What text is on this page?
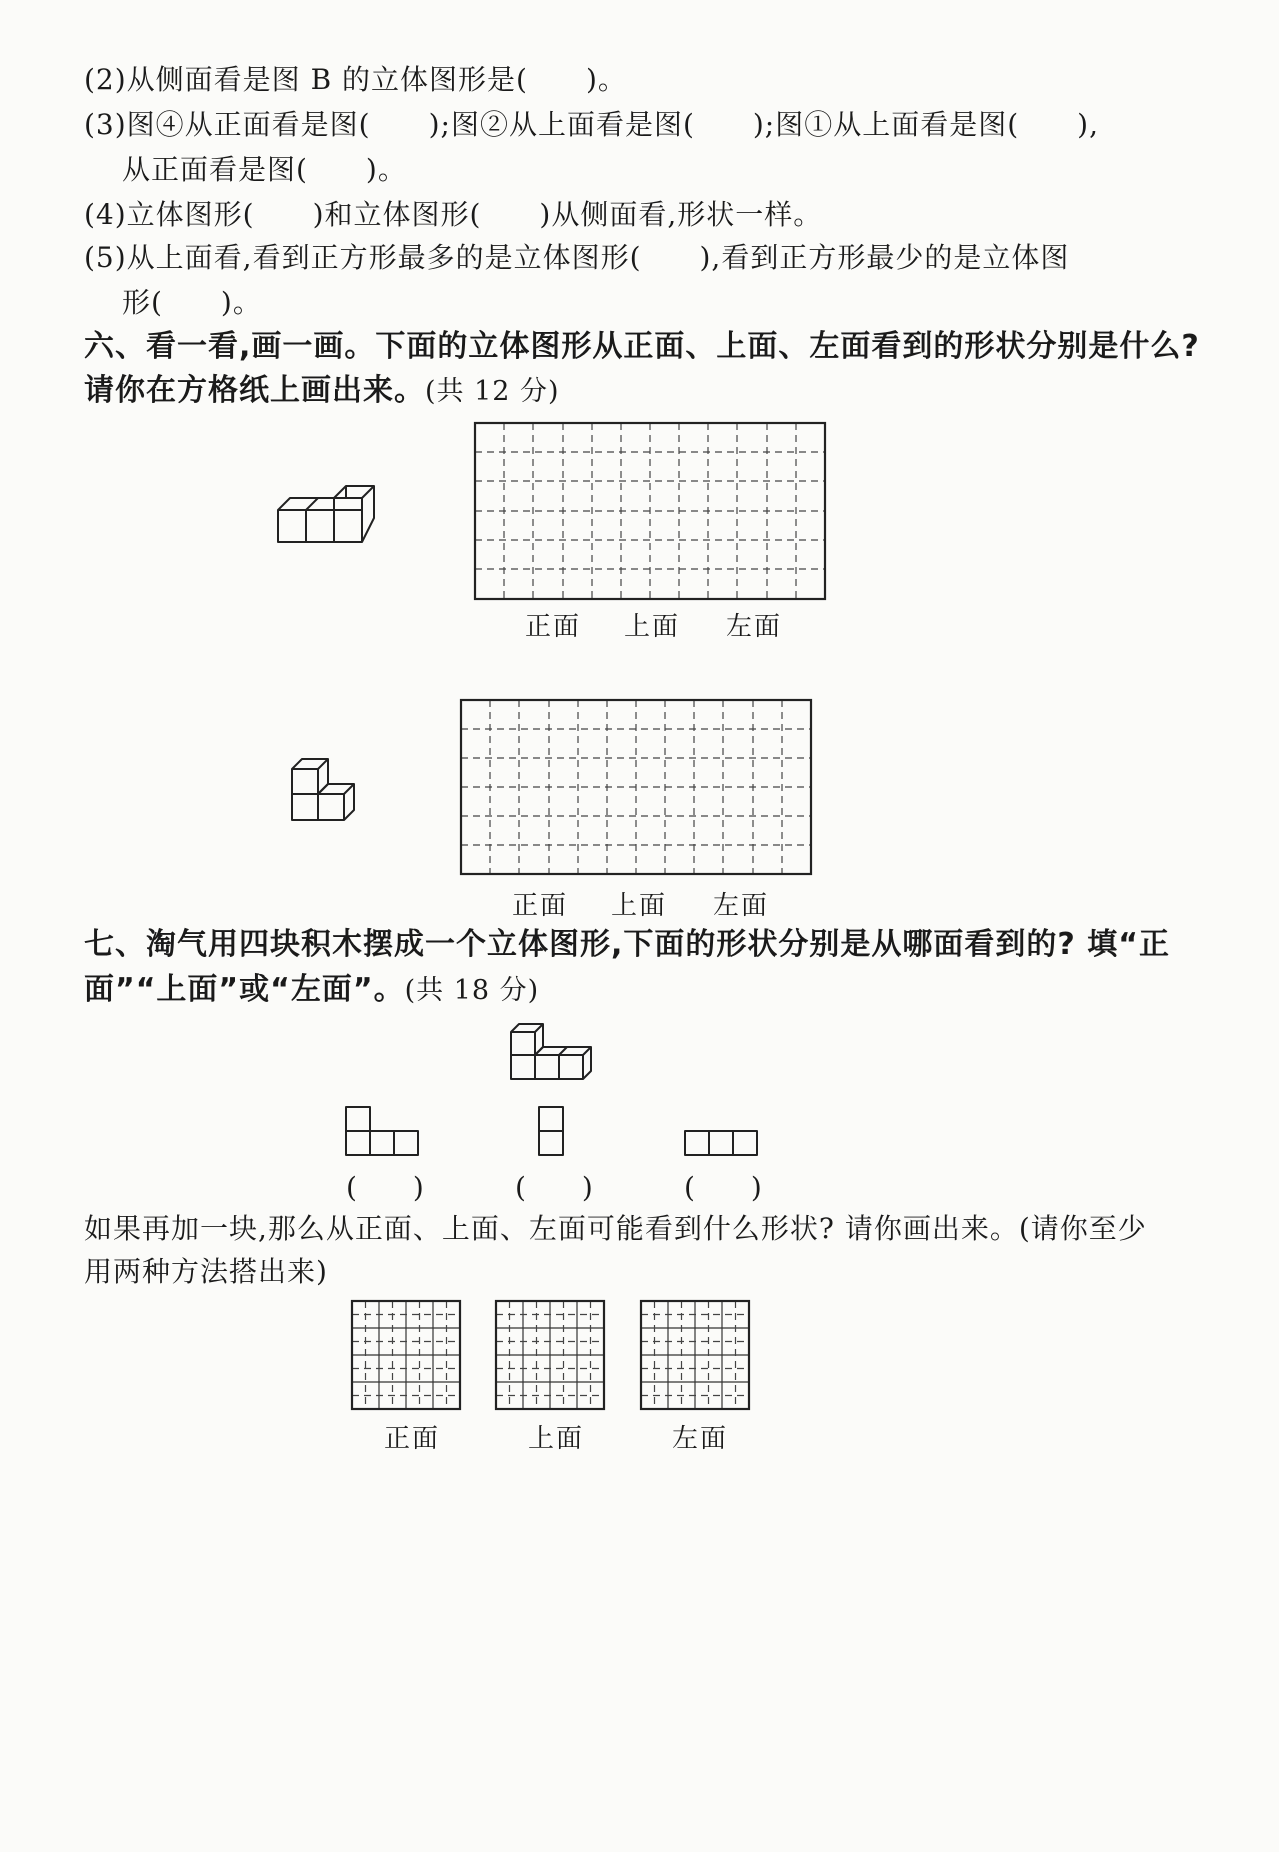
(2)从侧面看是图 B 的立体图形是(　　)。
(3)图④从正面看是图(　　);图②从上面看是图(　　);图①从上面看是图(　　),
从正面看是图(　　)。
(4)立体图形(　　)和立体图形(　　)从侧面看,形状一样。
(5)从上面看,看到正方形最多的是立体图形(　　),看到正方形最少的是立体图
形(　　)。
六、看一看,画一画。下面的立体图形从正面、上面、左面看到的形状分别是什么?
请你在方格纸上画出来。(共 12 分)
正面 上面 左面
正面 上面 左面
七、淘气用四块积木摆成一个立体图形,下面的形状分别是从哪面看到的? 填“正
面”“上面”或“左面”。(共 18 分)
(　　)	(　　)	(　　)
如果再加一块,那么从正面、上面、左面可能看到什么形状? 请你画出来。(请你至少
用两种方法搭出来)
正面	上面	左面
